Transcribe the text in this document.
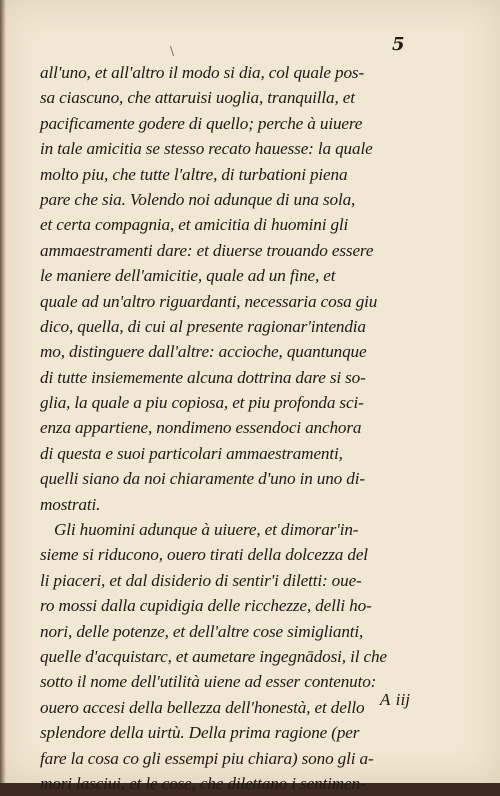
\	5
all'uno, et all'altro il modo si dia, col quale pos-
sa ciascuno, che attaruisi uoglia, tranquilla, et
pacificamente godere di quello; perche à uiuere
in tale amicitia se stesso recato hauesse: la quale
molto piu, che tutte l'altre, di turbationi piena
pare che sia. Volendo noi adunque di una sola,
et certa compagnia, et amicitia di huomini gli
ammaestramenti dare: et diuerse trouando essere
le maniere dell'amicitie, quale ad un fine, et
quale ad un'altro riguardanti, necessaria cosa giu
dico, quella, di cui al presente ragionar'intendia
mo, distinguere dall'altre: accioche, quantunque
di tutte insiememente alcuna dottrina dare si so-
glia, la quale a piu copiosa, et piu profonda sci-
enza appartiene, nondimeno essendoci anchora
di questa e suoi particolari ammaestramenti,
quelli siano da noi chiaramente d'uno in uno di-
mostrati.
Gli huomini adunque à uiuere, et dimorar'in-
sieme si riducono, ouero tirati della dolcezza del
li piaceri, et dal disiderio di sentir'i diletti: oue-
ro mossi dalla cupidigia delle ricchezze, delli ho-
nori, delle potenze, et dell'altre cose simiglianti,
quelle d'acquistarc, et aumetare ingegnādosi, il che
sotto il nome dell'utilità uiene ad esser contenuto:
ouero accesi della bellezza dell'honestà, et dello
splendore della uirtù. Della prima ragione (per
fare la cosa co gli essempi piu chiara) sono gli a-
mori lasciui, et le cose, che dilettano i sentimen-
A iij
